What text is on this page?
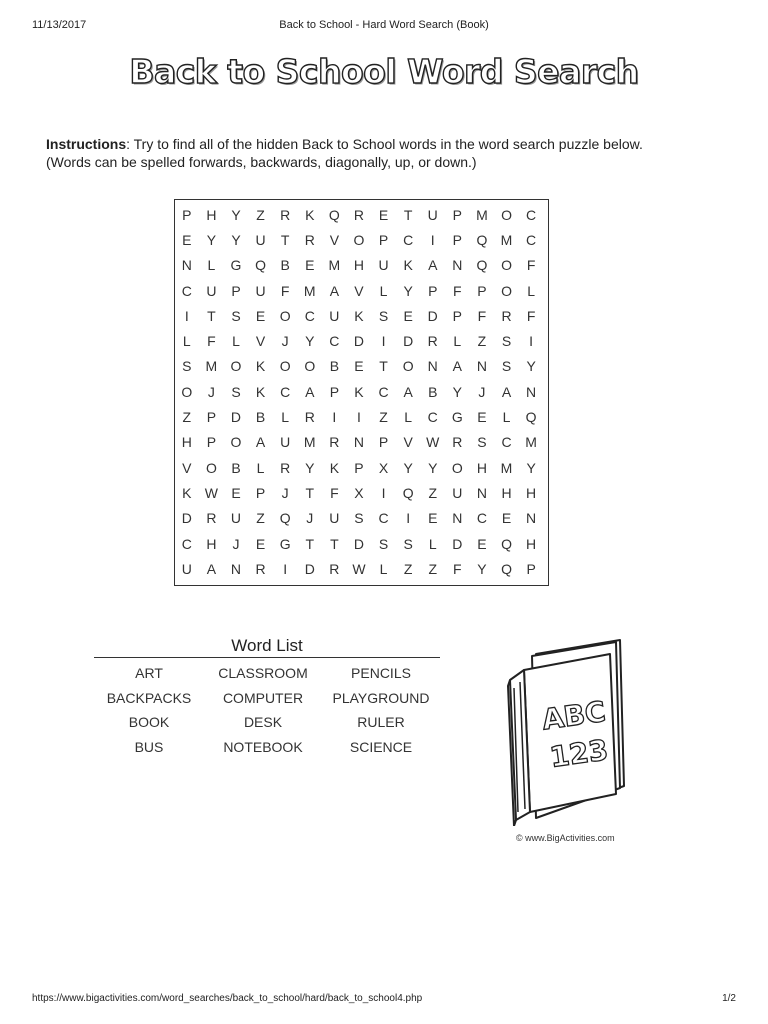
11/13/2017	Back to School - Hard Word Search (Book)
Back to School Word Search
Instructions: Try to find all of the hidden Back to School words in the word search puzzle below.
(Words can be spelled forwards, backwards, diagonally, up, or down.)
P	H	Y	Z	R	K	Q	R	E	T	U	P	M O	C
E	Y	Y	U	T	R	V	O	P	C	I	P	Q M C
N	L	G Q	B	E	M H	U	K	A	N	Q O	F
C	U	P	U	F	M	A	V	L	Y	P	F	P	O	L
I	T	S	E	O	C	U	K	S	E	D	P	F	R	F
L	F	L	V	J	Y	C	D	I	D	R	L	Z	S	I
S	M O	K	O O	B	E	T	O	N	A	N	S	Y
O	J	S	K	C	A	P	K	C	A	B	Y	J	A	N
Z	P	D	B	L	R	I	I	Z	L	C	G	E	L	Q
H	P	O	A	U M R	N	P	V W R	S	C M
V	O	B	L	R	Y	K	P	X	Y	Y	O	H M	Y
K W E	P	J	T	F	X	I	Q	Z	U	N	H	H
D	R	U	Z	Q	J	U	S	C	I	E	N	C	E	N
C	H	J	E	G	T	T	D	S	S	L	D	E	Q	H
U	A	N	R	I	D	R W	L	Z	Z	F	Y	Q	P
Word List
ART	CLASSROOM	PENCILS
BACKPACKS	COMPUTER	PLAYGROUND
BOOK	DESK	RULER
BUS	NOTEBOOK	SCIENCE
ABC
123
© www.BigActivities.com
https://www.bigactivities.com/word_searches/back_to_school/hard/back_to_school4.php	1/2
